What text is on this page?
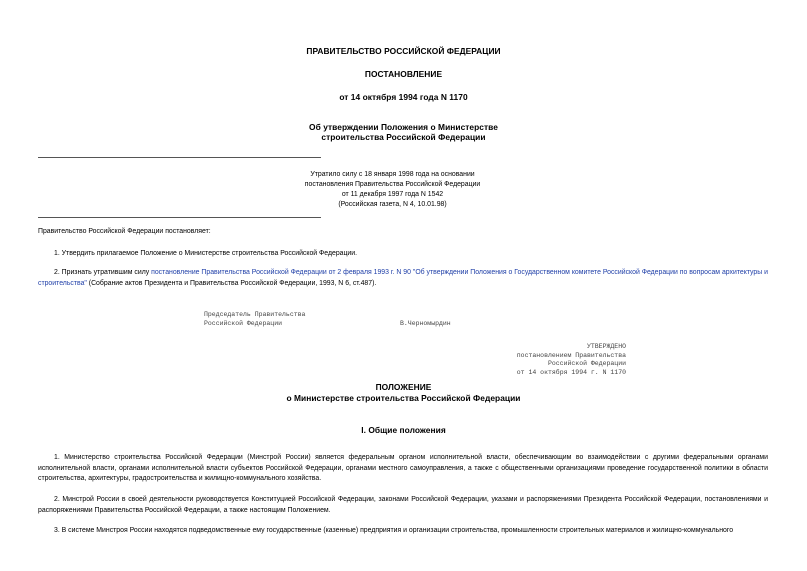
ПРАВИТЕЛЬСТВО РОССИЙСКОЙ ФЕДЕРАЦИИ
ПОСТАНОВЛЕНИЕ
от 14 октября 1994 года N 1170
Об утверждении Положения о Министерстве
строительства Российской Федерации
Утратило силу с 18 января 1998 года на основании
постановления Правительства Российской Федерации
от 11 декабря 1997 года N 1542
(Российская газета, N 4, 10.01.98)
Правительство Российской Федерации постановляет:
1. Утвердить прилагаемое Положение о Министерстве строительства Российской Федерации.
2. Признать утратившим силу постановление Правительства Российской Федерации от 2 февраля 1993 г. N 90 "Об утверждении Положения о Государственном комитете Российской Федерации по вопросам архитектуры и строительства" (Собрание актов Президента и Правительства Российской Федерации, 1993, N 6, ст.487).
Председатель Правительства
Российской Федерации	В.Черномырдин
УТВЕРЖДЕНО
постановлением Правительства
Российской Федерации
от 14 октября 1994 г. N 1170
ПОЛОЖЕНИЕ
о Министерстве строительства Российской Федерации
I. Общие положения
1. Министерство строительства Российской Федерации (Минстрой России) является федеральным органом исполнительной власти, обеспечивающим во взаимодействии с другими федеральными органами исполнительной власти, органами исполнительной власти субъектов Российской Федерации, органами местного самоуправления, а также с общественными организациями проведение государственной политики в области строительства, архитектуры, градостроительства и жилищно-коммунального хозяйства.
2. Минстрой России в своей деятельности руководствуется Конституцией Российской Федерации, законами Российской Федерации, указами и распоряжениями Президента Российской Федерации, постановлениями и распоряжениями Правительства Российской Федерации, а также настоящим Положением.
3. В системе Минстроя России находятся подведомственные ему государственные (казенные) предприятия и организации строительства, промышленности строительных материалов и жилищно-коммунального
